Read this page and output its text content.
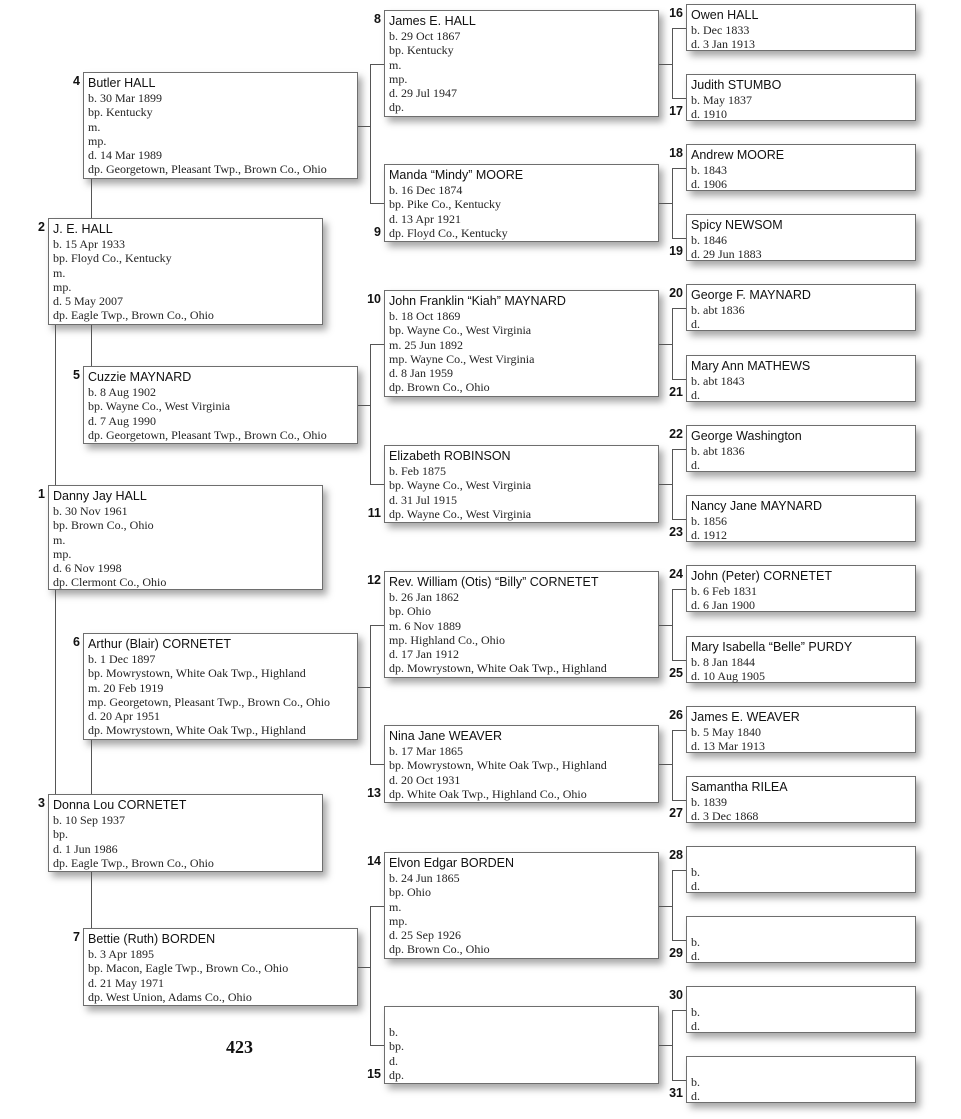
Danny Jay HALL
b. 30 Nov 1961
bp. Brown Co., Ohio
m.
mp.
d. 6 Nov 1998
dp. Clermont Co., Ohio
1
J. E. HALL
b. 15 Apr 1933
bp. Floyd Co., Kentucky
m.
mp.
d. 5 May 2007
dp. Eagle Twp., Brown Co., Ohio
2
Donna Lou CORNETET
b. 10 Sep 1937
bp.
d. 1 Jun 1986
dp. Eagle Twp., Brown Co., Ohio
3
Butler HALL
b. 30 Mar 1899
bp. Kentucky
m.
mp.
d. 14 Mar 1989
dp. Georgetown, Pleasant Twp., Brown Co., Ohio
4
Cuzzie MAYNARD
b. 8 Aug 1902
bp. Wayne Co., West Virginia
d. 7 Aug 1990
dp. Georgetown, Pleasant Twp., Brown Co., Ohio
5
Arthur (Blair) CORNETET
b. 1 Dec 1897
bp. Mowrystown, White Oak Twp., Highland
m. 20 Feb 1919
mp. Georgetown, Pleasant Twp., Brown Co., Ohio
d. 20 Apr 1951
dp. Mowrystown, White Oak Twp., Highland
6
Bettie (Ruth) BORDEN
b. 3 Apr 1895
bp. Macon, Eagle Twp., Brown Co., Ohio
d. 21 May 1971
dp. West Union, Adams Co., Ohio
7
James E. HALL
b. 29 Oct 1867
bp. Kentucky
m.
mp.
d. 29 Jul 1947
dp.
8
Manda “Mindy” MOORE
b. 16 Dec 1874
bp. Pike Co., Kentucky
d. 13 Apr 1921
dp. Floyd Co., Kentucky
9
John Franklin “Kiah” MAYNARD
b. 18 Oct 1869
bp. Wayne Co., West Virginia
m. 25 Jun 1892
mp. Wayne Co., West Virginia
d. 8 Jan 1959
dp. Brown Co., Ohio
10
Elizabeth ROBINSON
b. Feb 1875
bp. Wayne Co., West Virginia
d. 31 Jul 1915
dp. Wayne Co., West Virginia
11
Rev. William (Otis) “Billy” CORNETET
b. 26 Jan 1862
bp. Ohio
m. 6 Nov 1889
mp. Highland Co., Ohio
d. 17 Jan 1912
dp. Mowrystown, White Oak Twp., Highland
12
Nina Jane WEAVER
b. 17 Mar 1865
bp. Mowrystown, White Oak Twp., Highland
d. 20 Oct 1931
dp. White Oak Twp., Highland Co., Ohio
13
Elvon Edgar BORDEN
b. 24 Jun 1865
bp. Ohio
m.
mp.
d. 25 Sep 1926
dp. Brown Co., Ohio
14

b.
bp.
d.
dp.
15
Owen HALL
b. Dec 1833
d. 3 Jan 1913
16
Judith STUMBO
b. May 1837
d. 1910
17
Andrew MOORE
b. 1843
d. 1906
18
Spicy NEWSOM
b. 1846
d. 29 Jun 1883
19
George F. MAYNARD
b. abt 1836
d.
20
Mary Ann MATHEWS
b. abt 1843
d.
21
George Washington
b. abt 1836
d.
22
Nancy Jane MAYNARD
b. 1856
d. 1912
23
John (Peter) CORNETET
b. 6 Feb 1831
d. 6 Jan 1900
24
Mary Isabella “Belle” PURDY
b. 8 Jan 1844
d. 10 Aug 1905
25
James E. WEAVER
b. 5 May 1840
d. 13 Mar 1913
26
Samantha RILEA
b. 1839
d. 3 Dec 1868
27

b.
d.
28

b.
d.
29

b.
d.
30

b.
d.
31
423
